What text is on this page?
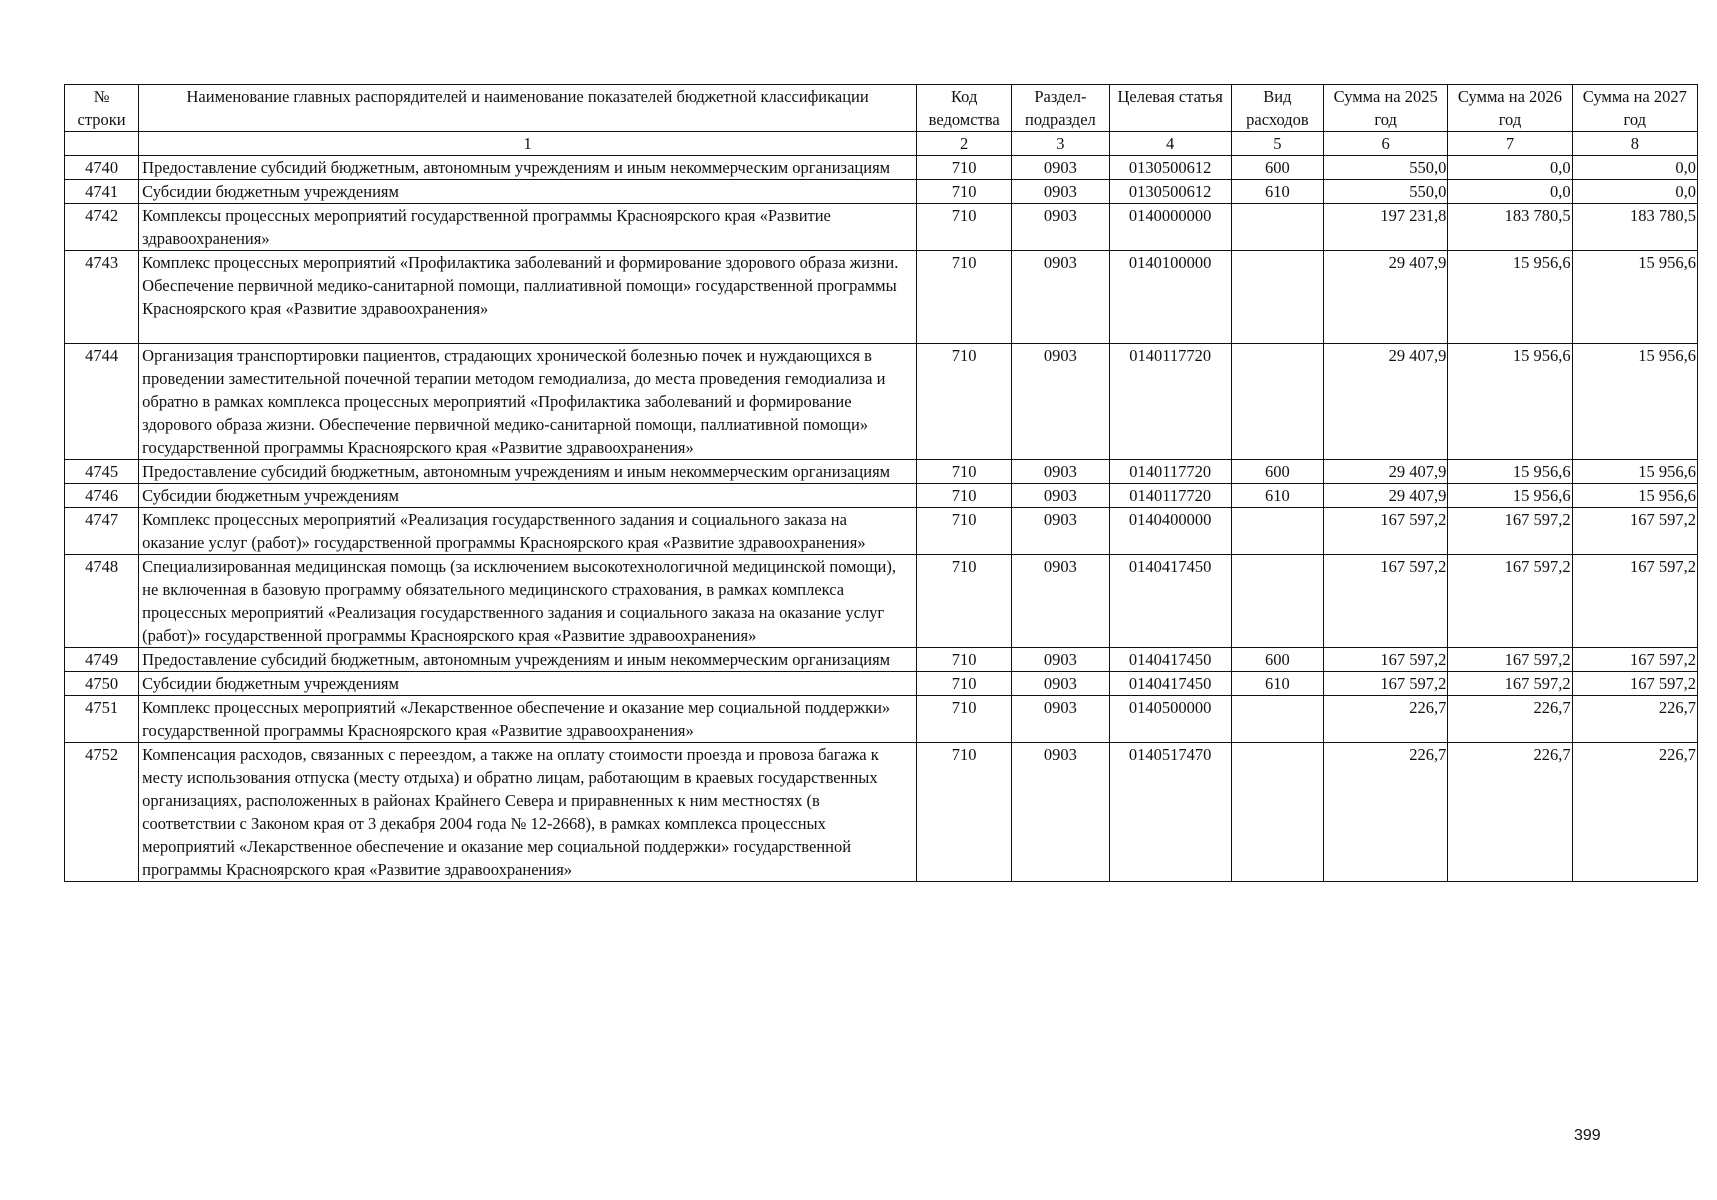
№ строки	Наименование главных распорядителей и наименование показателей бюджетной классификации	Код ведомства	Раздел-подраздел	Целевая статья	Вид расходов	Сумма на 2025 год	Сумма на 2026 год	Сумма на 2027 год
	1	2	3	4	5	6	7	8
4740	Предоставление субсидий бюджетным, автономным учреждениям и иным некоммерческим организациям	710	0903	0130500612	600	550,0	0,0	0,0
4741	Субсидии бюджетным учреждениям	710	0903	0130500612	610	550,0	0,0	0,0
4742	Комплексы процессных мероприятий государственной программы Красноярского края «Развитие здравоохранения»	710	0903	0140000000		197 231,8	183 780,5	183 780,5
4743	Комплекс процессных мероприятий «Профилактика заболеваний и формирование здорового образа жизни. Обеспечение первичной медико-санитарной помощи, паллиативной помощи» государственной программы Красноярского края «Развитие здравоохранения»	710	0903	0140100000		29 407,9	15 956,6	15 956,6
4744	Организация транспортировки пациентов, страдающих хронической болезнью почек и нуждающихся в проведении заместительной почечной терапии методом гемодиализа, до места проведения гемодиализа и обратно в рамках комплекса процессных мероприятий «Профилактика заболеваний и формирование здорового образа жизни. Обеспечение первичной медико-санитарной помощи, паллиативной помощи» государственной программы Красноярского края «Развитие здравоохранения»	710	0903	0140117720		29 407,9	15 956,6	15 956,6
4745	Предоставление субсидий бюджетным, автономным учреждениям и иным некоммерческим организациям	710	0903	0140117720	600	29 407,9	15 956,6	15 956,6
4746	Субсидии бюджетным учреждениям	710	0903	0140117720	610	29 407,9	15 956,6	15 956,6
4747	Комплекс процессных мероприятий «Реализация государственного задания и социального заказа на оказание услуг (работ)» государственной программы Красноярского края «Развитие здравоохранения»	710	0903	0140400000		167 597,2	167 597,2	167 597,2
4748	Специализированная медицинская помощь (за исключением высокотехнологичной медицинской помощи), не включенная в базовую программу обязательного медицинского страхования, в рамках комплекса процессных мероприятий «Реализация государственного задания и социального заказа на оказание услуг (работ)» государственной программы Красноярского края «Развитие здравоохранения»	710	0903	0140417450		167 597,2	167 597,2	167 597,2
4749	Предоставление субсидий бюджетным, автономным учреждениям и иным некоммерческим организациям	710	0903	0140417450	600	167 597,2	167 597,2	167 597,2
4750	Субсидии бюджетным учреждениям	710	0903	0140417450	610	167 597,2	167 597,2	167 597,2
4751	Комплекс процессных мероприятий «Лекарственное обеспечение и оказание мер социальной поддержки» государственной программы Красноярского края «Развитие здравоохранения»	710	0903	0140500000		226,7	226,7	226,7
4752	Компенсация расходов, связанных с переездом, а также на оплату стоимости проезда и провоза багажа к месту использования отпуска (месту отдыха) и обратно лицам, работающим в краевых государственных организациях, расположенных в районах Крайнего Севера и приравненных к ним местностях (в соответствии с Законом края от 3 декабря 2004 года № 12-2668), в рамках комплекса процессных мероприятий «Лекарственное обеспечение и оказание мер социальной поддержки» государственной программы Красноярского края «Развитие здравоохранения»	710	0903	0140517470		226,7	226,7	226,7
399
